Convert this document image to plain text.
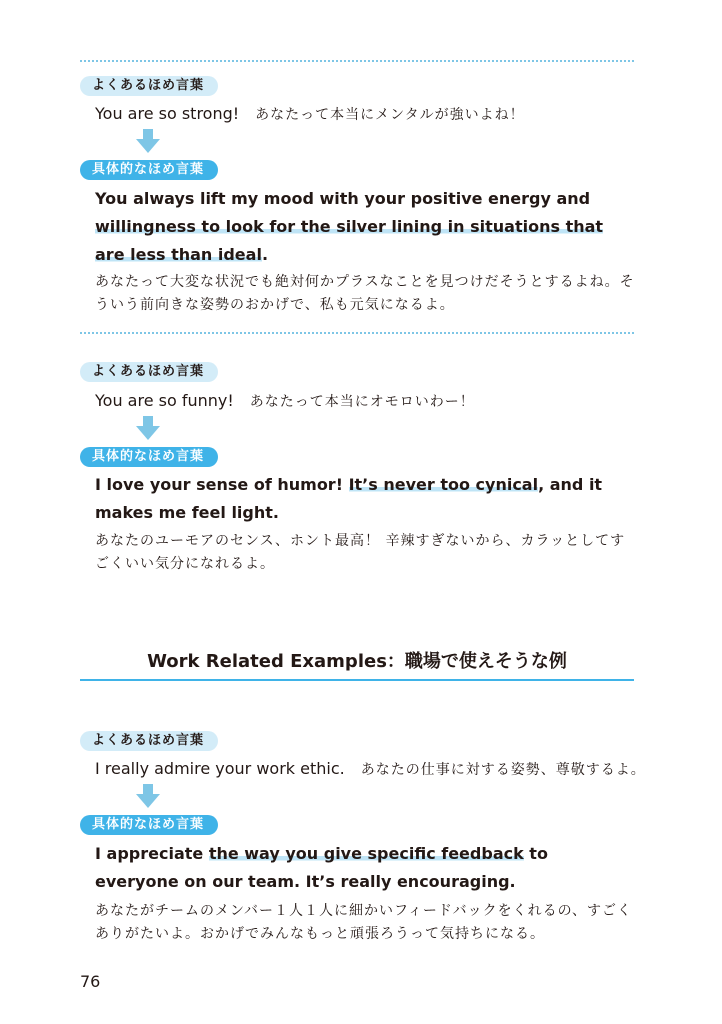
よくあるほめ言葉
You are so strong! あなたって本当にメンタルが強いよね！
具体的なほめ言葉
You always lift my mood with your positive energy and willingness to look for the silver lining in situations that are less than ideal.
あなたって大変な状況でも絶対何かプラスなことを見つけだそうとするよね。そういう前向きな姿勢のおかげで、私も元気になるよ。
よくあるほめ言葉
You are so funny! あなたって本当にオモロいわー！
具体的なほめ言葉
I love your sense of humor! It’s never too cynical, and it makes me feel light.
あなたのユーモアのセンス、ホント最高！ 辛辣すぎないから、カラッとしてすごくいい気分になれるよ。
Work Related Examples：職場で使えそうな例
よくあるほめ言葉
I really admire your work ethic. あなたの仕事に対する姿勢、尊敬するよ。
具体的なほめ言葉
I appreciate the way you give specific feedback to everyone on our team. It’s really encouraging.
あなたがチームのメンバー１人１人に細かいフィードバックをくれるの、すごくありがたいよ。おかげでみんなもっと頑張ろうって気持ちになる。
76
